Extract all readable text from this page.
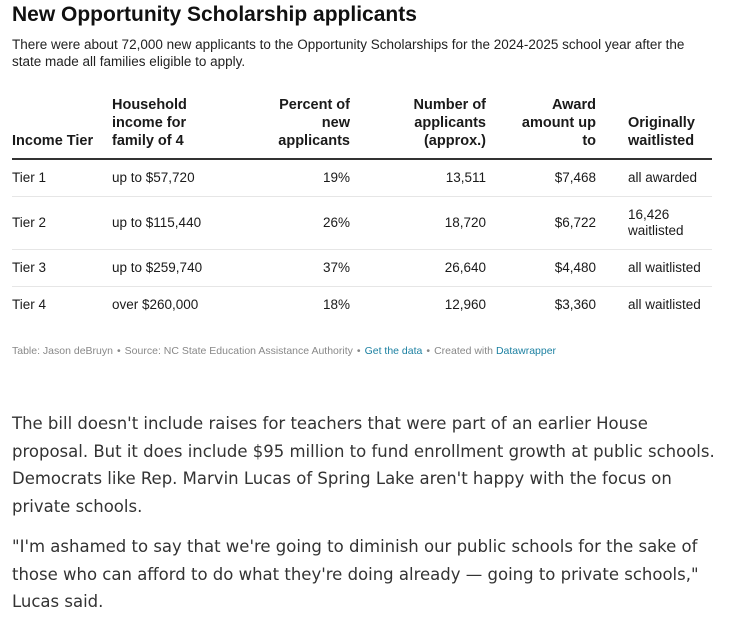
New Opportunity Scholarship applicants

There were about 72,000 new applicants to the Opportunity Scholarships for the 2024-2025 school year after the state made all families eligible to apply.

Income Tier	Household income for family of 4	Percent of new applicants	Number of applicants (approx.)	Award amount up to	Originally waitlisted
Tier 1	up to $57,720	19%	13,511	$7,468	all awarded
Tier 2	up to $115,440	26%	18,720	$6,722	16,426 waitlisted
Tier 3	up to $259,740	37%	26,640	$4,480	all waitlisted
Tier 4	over $260,000	18%	12,960	$3,360	all waitlisted
Table: Jason deBruyn • Source: NC State Education Assistance Authority • Get the data • Created with Datawrapper

The bill doesn't include raises for teachers that were part of an earlier House proposal. But it does include $95 million to fund enrollment growth at public schools. Democrats like Rep. Marvin Lucas of Spring Lake aren't happy with the focus on private schools.

"I'm ashamed to say that we're going to diminish our public schools for the sake of those who can afford to do what they're doing already — going to private schools," Lucas said.
